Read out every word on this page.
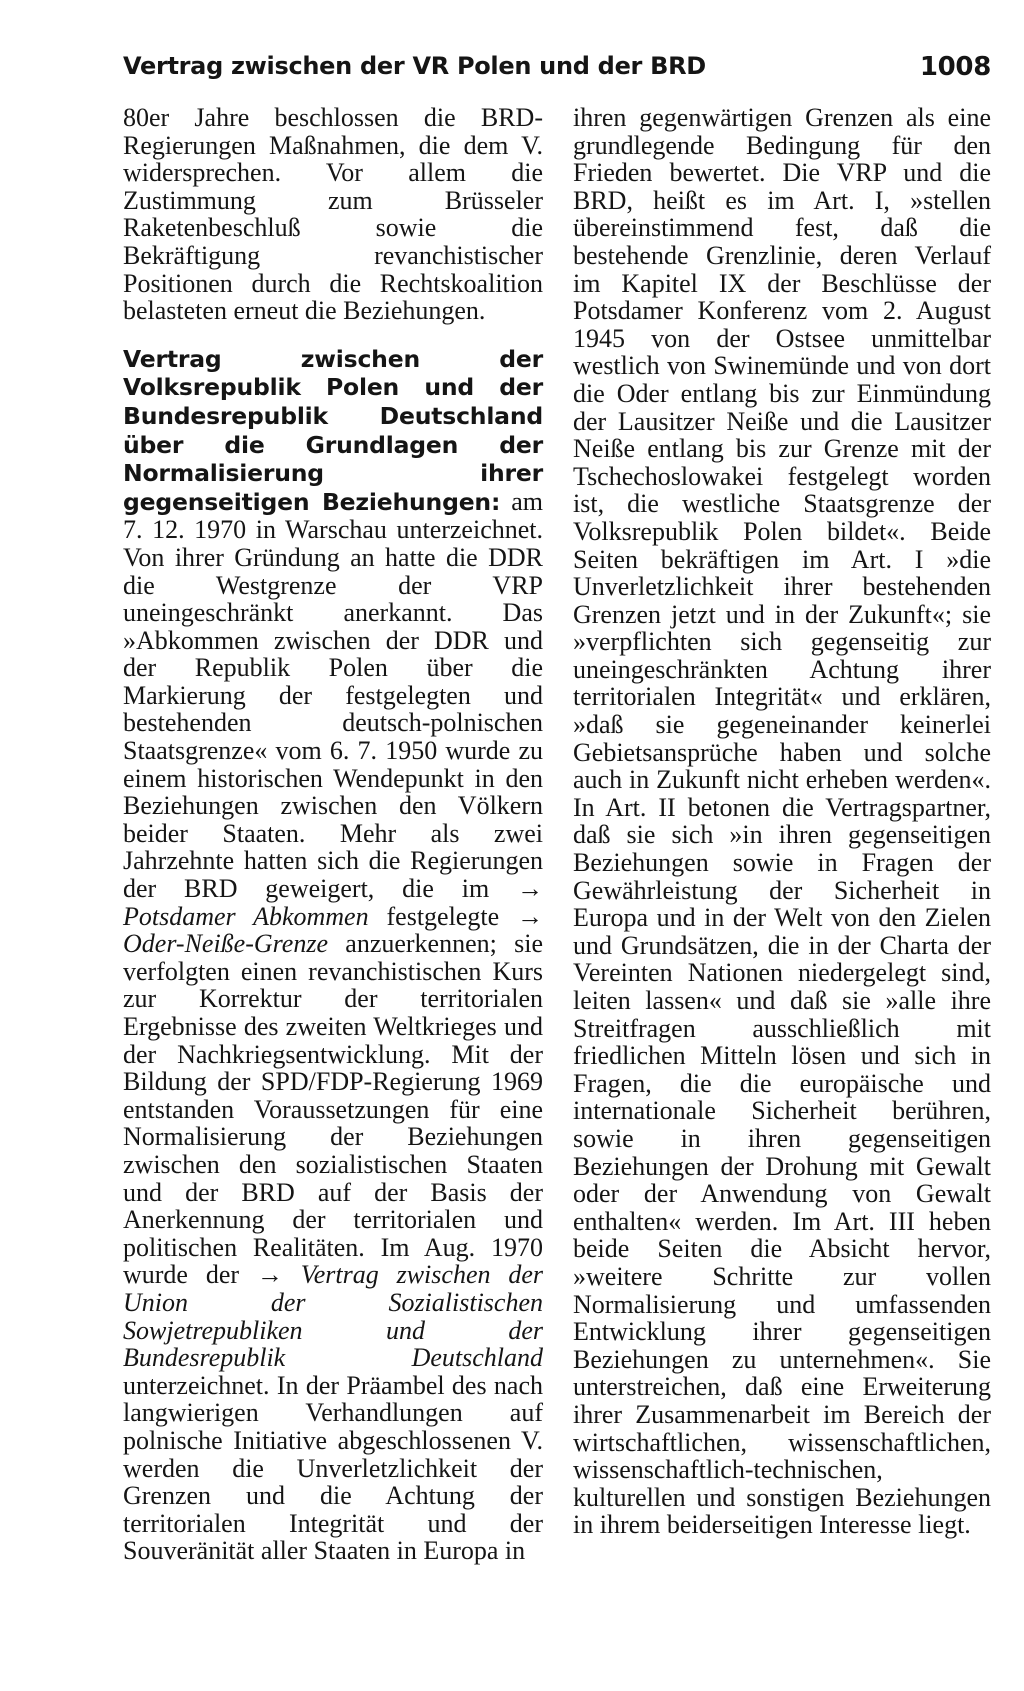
Vertrag zwischen der VR Polen und der BRD	1008

80er Jahre beschlossen die BRD-Regierungen Maßnahmen, die dem V. widersprechen. Vor allem die Zustimmung zum Brüsseler Raketenbeschluß sowie die Bekräftigung revanchistischer Positionen durch die Rechtskoalition belasteten erneut die Beziehungen.

Vertrag zwischen der Volksrepublik Polen und der Bundesrepublik Deutschland über die Grundlagen der Normalisierung ihrer gegenseitigen Beziehungen: am 7. 12. 1970 in Warschau unterzeichnet. Von ihrer Gründung an hatte die DDR die Westgrenze der VRP uneingeschränkt anerkannt. Das »Abkommen zwischen der DDR und der Republik Polen über die Markierung der festgelegten und bestehenden deutsch-polnischen Staatsgrenze« vom 6. 7. 1950 wurde zu einem historischen Wendepunkt in den Beziehungen zwischen den Völkern beider Staaten. Mehr als zwei Jahrzehnte hatten sich die Regierungen der BRD geweigert, die im → Potsdamer Abkommen festgelegte → Oder-Neiße-Grenze anzuerkennen; sie verfolgten einen revanchistischen Kurs zur Korrektur der territorialen Ergebnisse des zweiten Weltkrieges und der Nachkriegsentwicklung. Mit der Bildung der SPD/FDP-Regierung 1969 entstanden Voraussetzungen für eine Normalisierung der Beziehungen zwischen den sozialistischen Staaten und der BRD auf der Basis der Anerkennung der territorialen und politischen Realitäten. Im Aug. 1970 wurde der → Vertrag zwischen der Union der Sozialistischen Sowjetrepubliken und der Bundesrepublik Deutschland unterzeichnet. In der Präambel des nach langwierigen Verhandlungen auf polnische Initiative abgeschlossenen V. werden die Unverletzlichkeit der Grenzen und die Achtung der territorialen Integrität und der Souveränität aller Staaten in Europa in

ihren gegenwärtigen Grenzen als eine grundlegende Bedingung für den Frieden bewertet. Die VRP und die BRD, heißt es im Art. I, »stellen übereinstimmend fest, daß die bestehende Grenzlinie, deren Verlauf im Kapitel IX der Beschlüsse der Potsdamer Konferenz vom 2. August 1945 von der Ostsee unmittelbar westlich von Swinemünde und von dort die Oder entlang bis zur Einmündung der Lausitzer Neiße und die Lausitzer Neiße entlang bis zur Grenze mit der Tschechoslowakei festgelegt worden ist, die westliche Staatsgrenze der Volksrepublik Polen bildet«. Beide Seiten bekräftigen im Art. I »die Unverletzlichkeit ihrer bestehenden Grenzen jetzt und in der Zukunft«; sie »verpflichten sich gegenseitig zur uneingeschränkten Achtung ihrer territorialen Integrität« und erklären, »daß sie gegeneinander keinerlei Gebietsansprüche haben und solche auch in Zukunft nicht erheben werden«. In Art. II betonen die Vertragspartner, daß sie sich »in ihren gegenseitigen Beziehungen sowie in Fragen der Gewährleistung der Sicherheit in Europa und in der Welt von den Zielen und Grundsätzen, die in der Charta der Vereinten Nationen niedergelegt sind, leiten lassen« und daß sie »alle ihre Streitfragen ausschließlich mit friedlichen Mitteln lösen und sich in Fragen, die die europäische und internationale Sicherheit berühren, sowie in ihren gegenseitigen Beziehungen der Drohung mit Gewalt oder der Anwendung von Gewalt enthalten« werden. Im Art. III heben beide Seiten die Absicht hervor, »weitere Schritte zur vollen Normalisierung und umfassenden Entwicklung ihrer gegenseitigen Beziehungen zu unternehmen«. Sie unterstreichen, daß eine Erweiterung ihrer Zusammenarbeit im Bereich der wirtschaftlichen, wissenschaftlichen, wissenschaftlich-technischen, kulturellen und sonstigen Beziehungen in ihrem beiderseitigen Interesse liegt.
